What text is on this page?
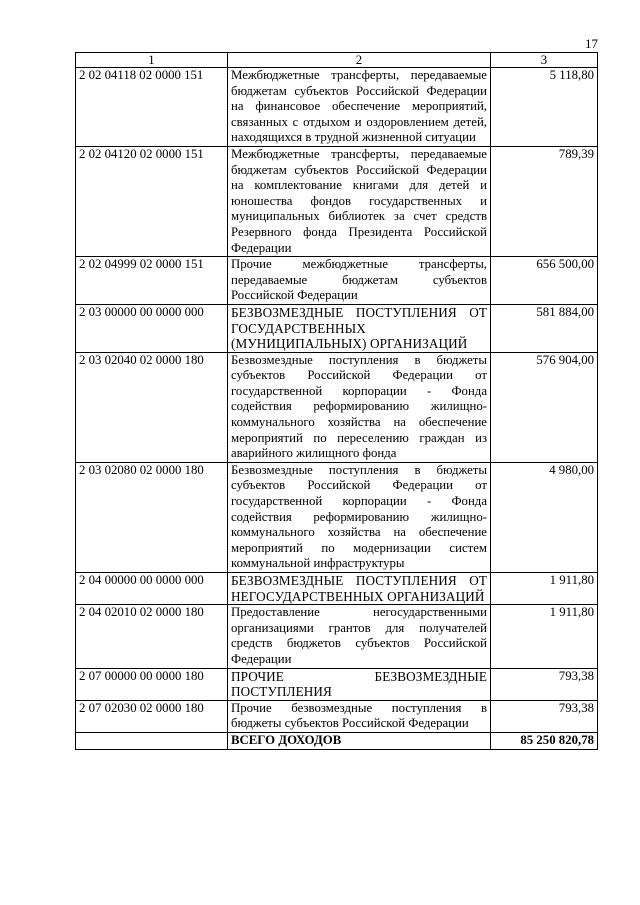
17
1	2	3
2 02 04118 02 0000 151	Межбюджетные трансферты, передаваемые бюджетам субъектов Российской Федерации на финансовое обеспечение мероприятий, связанных с отдыхом и оздоровлением детей, находящихся в трудной жизненной ситуации	5 118,80
2 02 04120 02 0000 151	Межбюджетные трансферты, передаваемые бюджетам субъектов Российской Федерации на комплектование книгами для детей и юношества фондов государственных и муниципальных библиотек за счет средств Резервного фонда Президента Российской Федерации	789,39
2 02 04999 02 0000 151	Прочие межбюджетные трансферты, передаваемые бюджетам субъектов Российской Федерации	656 500,00
2 03 00000 00 0000 000	БЕЗВОЗМЕЗДНЫЕ ПОСТУПЛЕНИЯ ОТ ГОСУДАРСТВЕННЫХ (МУНИЦИПАЛЬНЫХ) ОРГАНИЗАЦИЙ	581 884,00
2 03 02040 02 0000 180	Безвозмездные поступления в бюджеты субъектов Российской Федерации от государственной корпорации - Фонда содействия реформированию жилищно-коммунального хозяйства на обеспечение мероприятий по переселению граждан из аварийного жилищного фонда	576 904,00
2 03 02080 02 0000 180	Безвозмездные поступления в бюджеты субъектов Российской Федерации от государственной корпорации - Фонда содействия реформированию жилищно-коммунального хозяйства на обеспечение мероприятий по модернизации систем коммунальной инфраструктуры	4 980,00
2 04 00000 00 0000 000	БЕЗВОЗМЕЗДНЫЕ ПОСТУПЛЕНИЯ ОТ НЕГОСУДАРСТВЕННЫХ ОРГАНИЗАЦИЙ	1 911,80
2 04 02010 02 0000 180	Предоставление негосударственными организациями грантов для получателей средств бюджетов субъектов Российской Федерации	1 911,80
2 07 00000 00 0000 180	ПРОЧИЕ БЕЗВОЗМЕЗДНЫЕ ПОСТУПЛЕНИЯ	793,38
2 07 02030 02 0000 180	Прочие безвозмездные поступления в бюджеты субъектов Российской Федерации	793,38
	ВСЕГО ДОХОДОВ	85 250 820,78
